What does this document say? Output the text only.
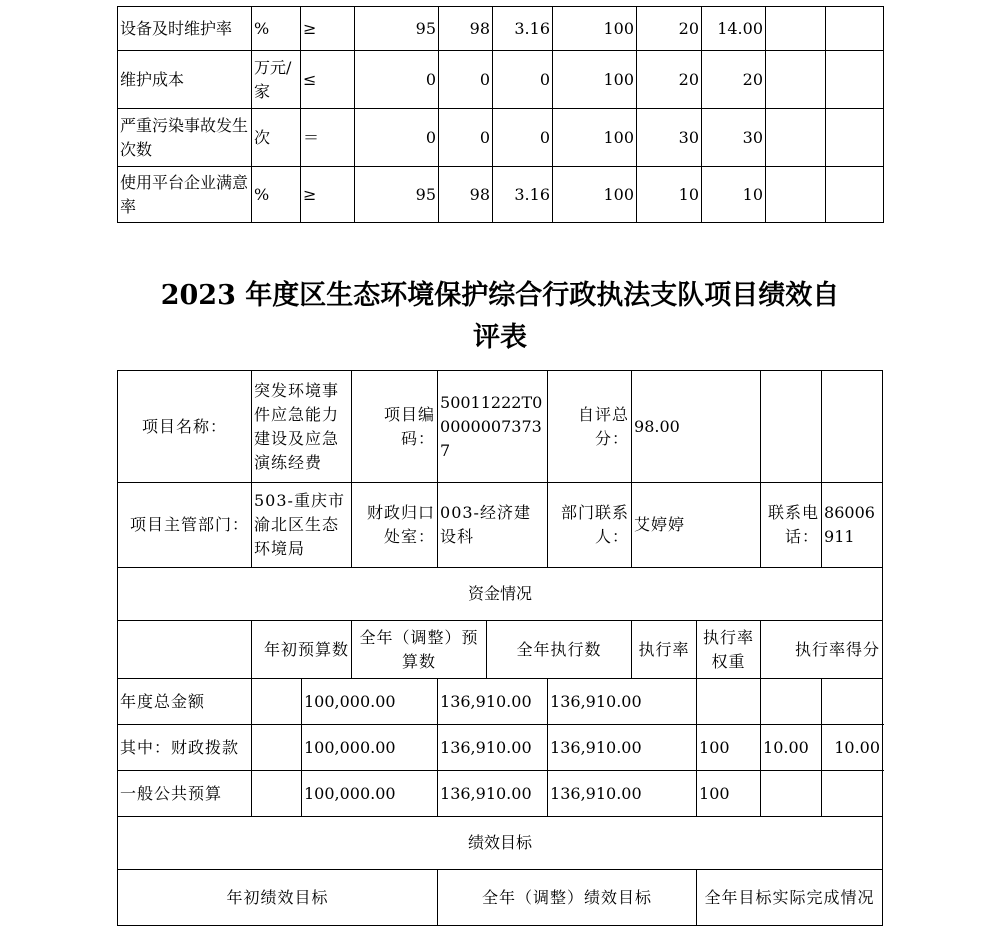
设备及时维护率	%	≥	95	98	3.16	100	20	14.00		
维护成本	万元/家	≤	0	0	0	100	20	20		
严重污染事故发生次数	次	＝	0	0	0	100	30	30		
使用平台企业满意率	%	≥	95	98	3.16	100	10	10		
2023 年度区生态环境保护综合行政执法支队项目绩效自
评表
项目名称：	突发环境事件应急能力建设及应急演练经费		项目编码：	50011222T000000073737		自评总分：	98.00			
项目主管部门：	503-重庆市渝北区生态环境局		财政归口处室：	003-经济建设科		部门联系人：	艾婷婷		联系电话：	86006911
资金情况										
	年初预算数		全年（调整）预算数		全年执行数		执行率	执行率权重	执行率得分	
年度总金额		100,000.00		136,910.00		136,910.00				
其中：财政拨款		100,000.00		136,910.00		136,910.00		100	10.00	10.00
一般公共预算		100,000.00		136,910.00		136,910.00		100		
绩效目标										
年初绩效目标				全年（调整）绩效目标				全年目标实际完成情况		
